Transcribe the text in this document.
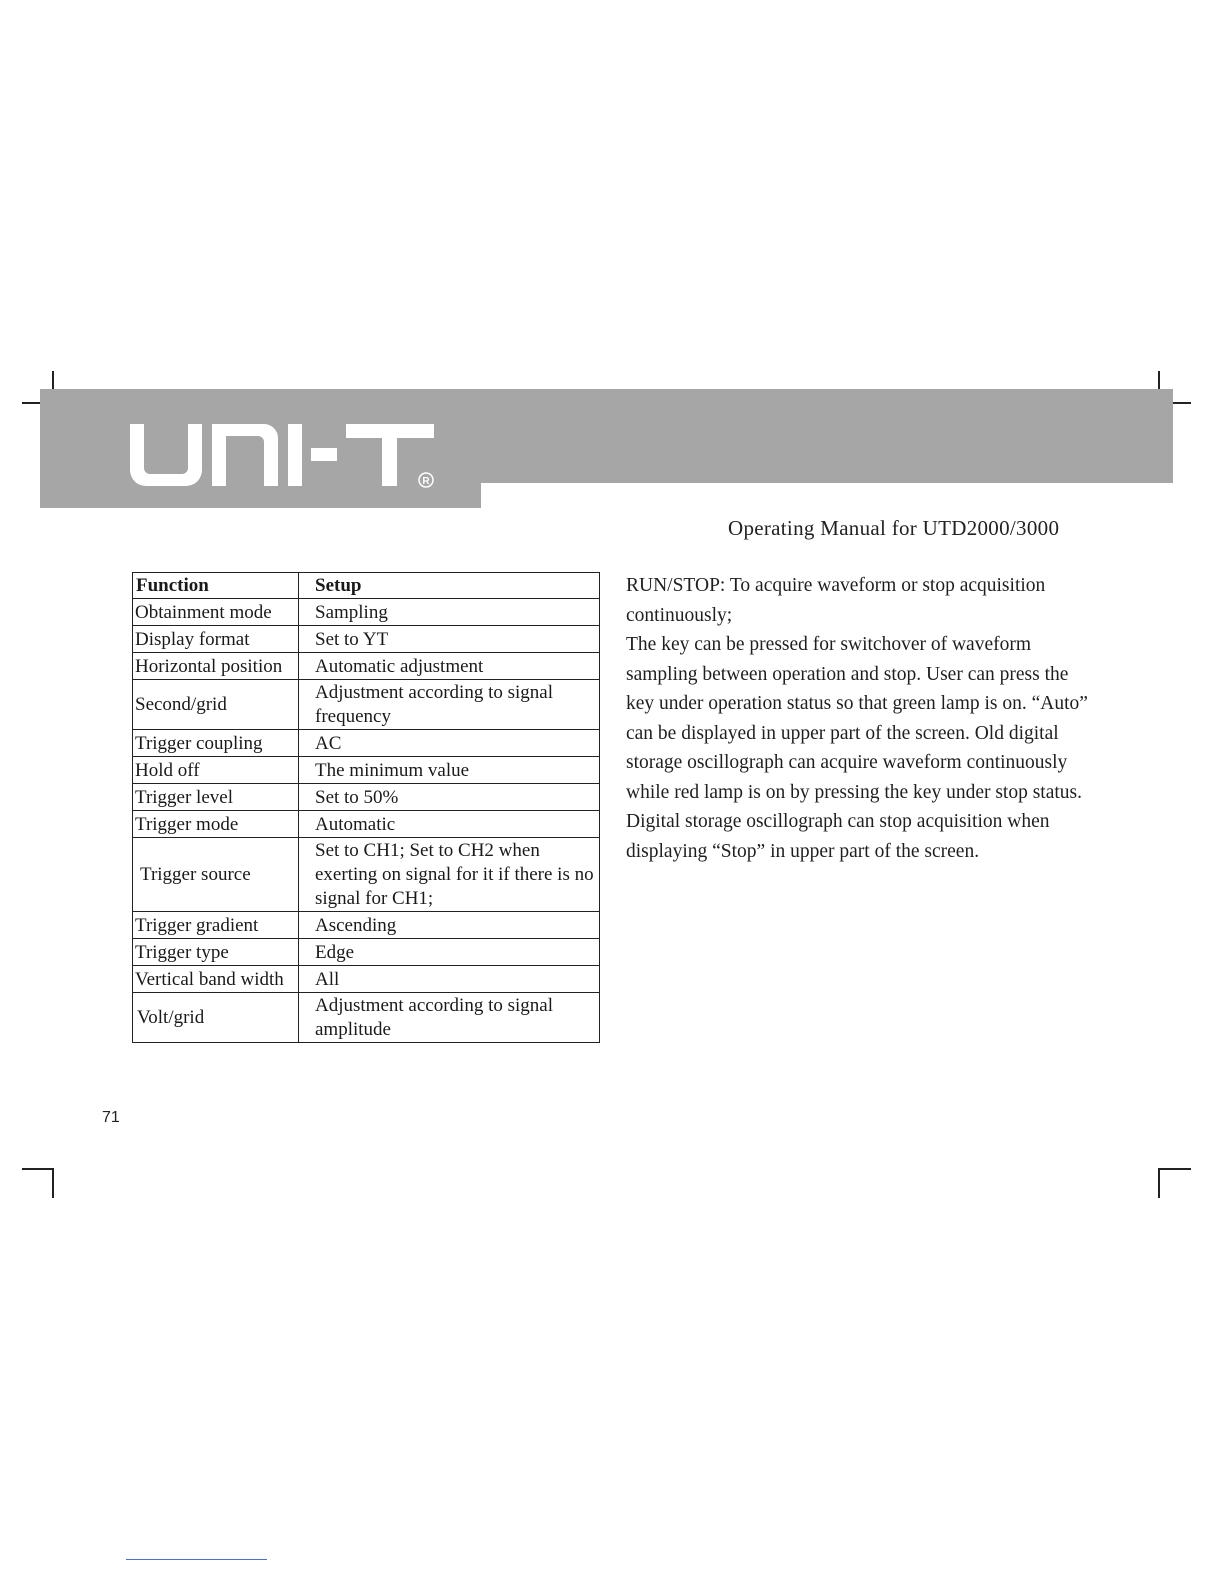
R
Operating Manual for UTD2000/3000
Function	Setup
Obtainment mode	Sampling
Display format	Set to YT
Horizontal position	Automatic adjustment
Second/grid	Adjustment according to signal frequency
Trigger coupling	AC
Hold off	The minimum value
Trigger level	Set to 50%
Trigger mode	Automatic
Trigger source	Set to CH1; Set to CH2 when exerting on signal for it if there is no signal for CH1;
Trigger gradient	Ascending
Trigger type	Edge
Vertical band width	All
Volt/grid	Adjustment according to signal amplitude

RUN/STOP: To acquire waveform or stop acquisition continuously;

The key can be pressed for switchover of waveform sampling between operation and stop. User can press the key under operation status so that green lamp is on. “Auto” can be displayed in upper part of the screen. Old digital storage oscillograph can acquire waveform continuously while red lamp is on by pressing the key under stop status. Digital storage oscillograph can stop acquisition when displaying “Stop” in upper part of the screen.

71
